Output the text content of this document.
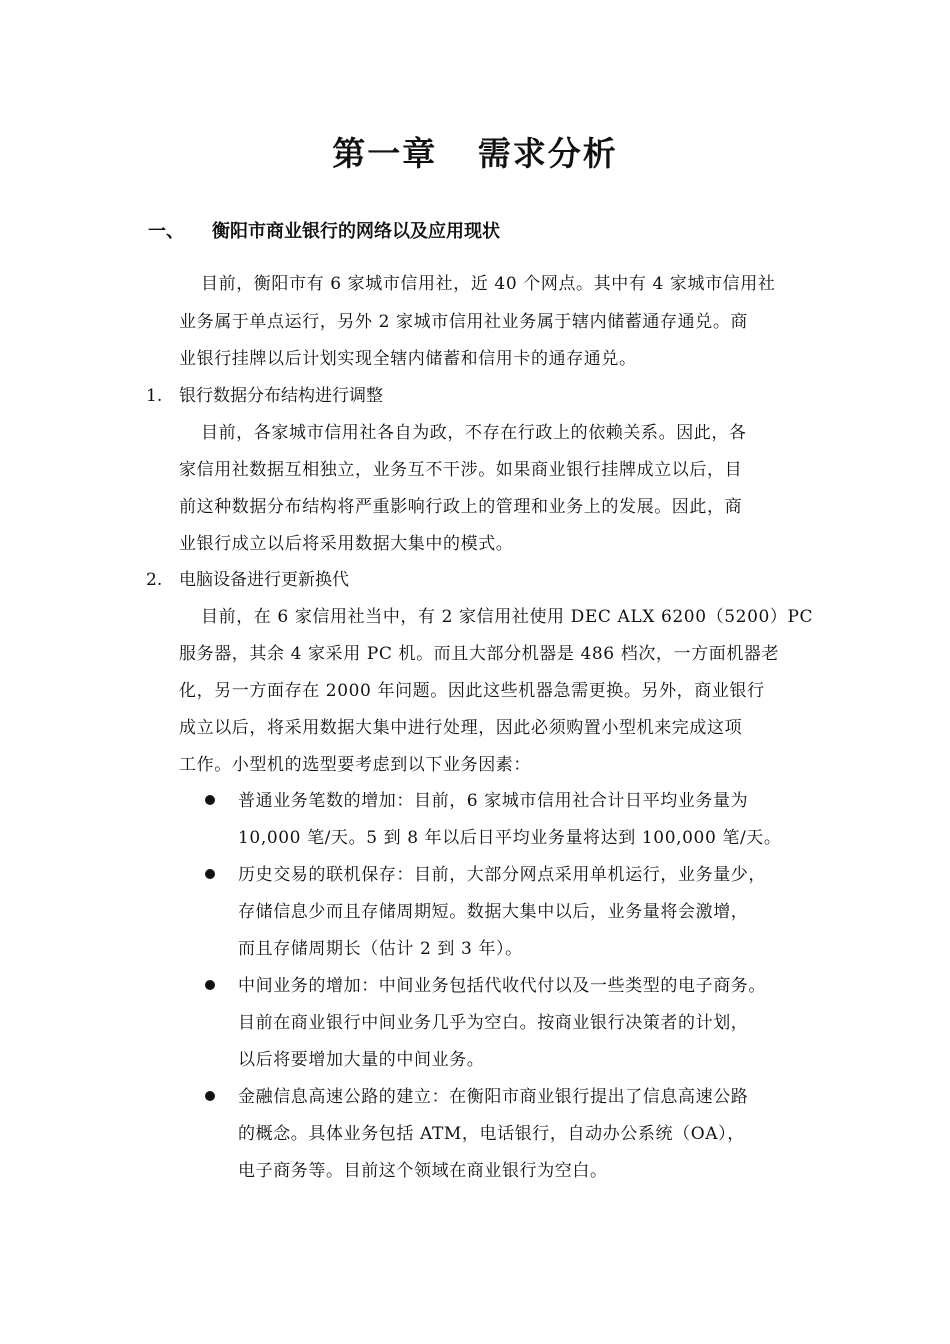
第一章   需求分析
一、 衡阳市商业银行的网络以及应用现状
目前，衡阳市有 6 家城市信用社，近 40 个网点。其中有 4 家城市信用社
业务属于单点运行，另外 2 家城市信用社业务属于辖内储蓄通存通兑。商
业银行挂牌以后计划实现全辖内储蓄和信用卡的通存通兑。
1. 银行数据分布结构进行调整
目前，各家城市信用社各自为政，不存在行政上的依赖关系。因此，各
家信用社数据互相独立，业务互不干涉。如果商业银行挂牌成立以后，目
前这种数据分布结构将严重影响行政上的管理和业务上的发展。因此，商
业银行成立以后将采用数据大集中的模式。
2. 电脑设备进行更新换代
目前，在 6 家信用社当中，有 2 家信用社使用 DEC ALX 6200（5200）PC
服务器，其余 4 家采用 PC 机。而且大部分机器是 486 档次，一方面机器老
化，另一方面存在 2000 年问题。因此这些机器急需更换。另外，商业银行
成立以后，将采用数据大集中进行处理，因此必须购置小型机来完成这项
工作。小型机的选型要考虑到以下业务因素：
普通业务笔数的增加：目前，6 家城市信用社合计日平均业务量为
10,000 笔/天。5 到 8 年以后日平均业务量将达到 100,000 笔/天。
历史交易的联机保存：目前，大部分网点采用单机运行，业务量少，
存储信息少而且存储周期短。数据大集中以后，业务量将会激增，
而且存储周期长（估计 2 到 3 年）。
中间业务的增加：中间业务包括代收代付以及一些类型的电子商务。
目前在商业银行中间业务几乎为空白。按商业银行决策者的计划，
以后将要增加大量的中间业务。
金融信息高速公路的建立：在衡阳市商业银行提出了信息高速公路
的概念。具体业务包括 ATM，电话银行，自动办公系统（OA），
电子商务等。目前这个领域在商业银行为空白。
